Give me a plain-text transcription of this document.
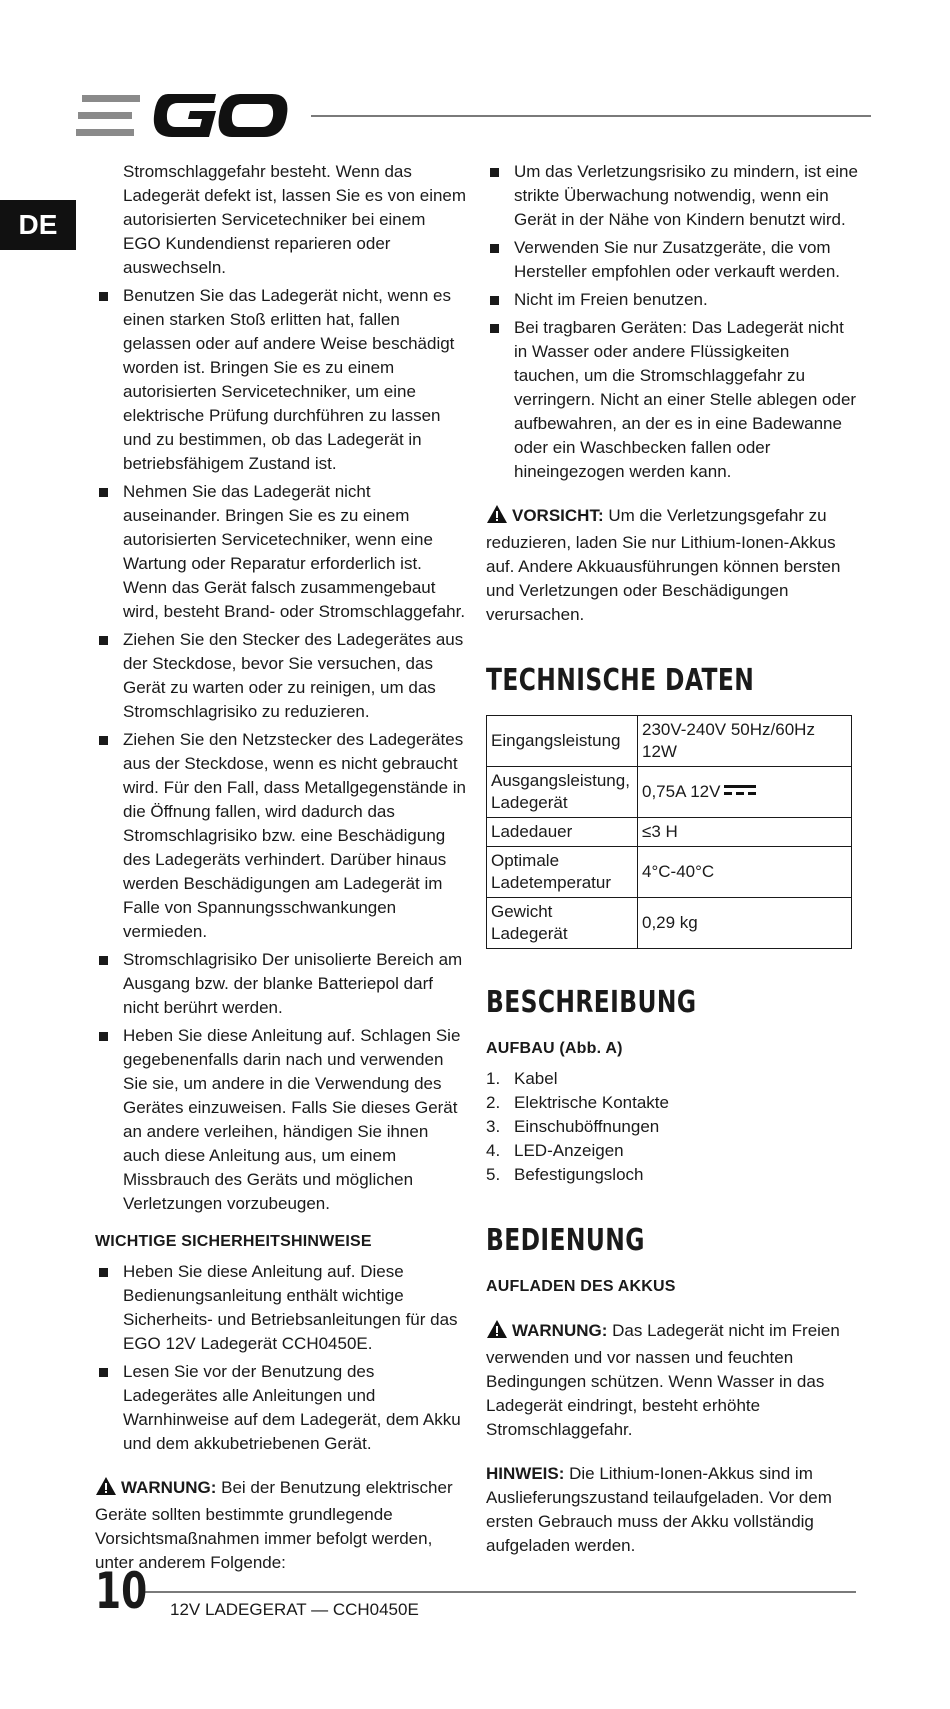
DE

Stromschlaggefahr besteht. Wenn das Ladegerät defekt ist, lassen Sie es von einem autorisierten Servicetechniker bei einem EGO Kundendienst reparieren oder auswechseln.

Benutzen Sie das Ladegerät nicht, wenn es einen starken Stoß erlitten hat, fallen gelassen oder auf andere Weise beschädigt worden ist. Bringen Sie es zu einem autorisierten Servicetechniker, um eine elektrische Prüfung durchführen zu lassen und zu bestimmen, ob das Ladegerät in betriebsfähigem Zustand ist.
Nehmen Sie das Ladegerät nicht auseinander. Bringen Sie es zu einem autorisierten Servicetechniker, wenn eine Wartung oder Reparatur erforderlich ist. Wenn das Gerät falsch zusammengebaut wird, besteht Brand- oder Stromschlaggefahr.
Ziehen Sie den Stecker des Ladegerätes aus der Steckdose, bevor Sie versuchen, das Gerät zu warten oder zu reinigen, um das Stromschlagrisiko zu reduzieren.
Ziehen Sie den Netzstecker des Ladegerätes aus der Steckdose, wenn es nicht gebraucht wird. Für den Fall, dass Metallgegenstände in die Öffnung fallen, wird dadurch das Stromschlagrisiko bzw. eine Beschädigung des Ladegeräts verhindert. Darüber hinaus werden Beschädigungen am Ladegerät im Falle von Spannungsschwankungen vermieden.
Stromschlagrisiko Der unisolierte Bereich am Ausgang bzw. der blanke Batteriepol darf nicht berührt werden.
Heben Sie diese Anleitung auf. Schlagen Sie gegebenenfalls darin nach und verwenden Sie sie, um andere in die Verwendung des Gerätes einzuweisen. Falls Sie dieses Gerät an andere verleihen, händigen Sie ihnen auch diese Anleitung aus, um einem Missbrauch des Geräts und möglichen Verletzungen vorzubeugen.
WICHTIGE SICHERHEITSHINWEISE
Heben Sie diese Anleitung auf. Diese Bedienungsanleitung enthält wichtige Sicherheits- und Betriebsanleitungen für das EGO 12V Ladegerät CCH0450E.
Lesen Sie vor der Benutzung des Ladegerätes alle Anleitungen und Warnhinweise auf dem Ladegerät, dem Akku und dem akkubetriebenen Gerät.

WARNUNG: Bei der Benutzung elektrischer Geräte sollten bestimmte grundlegende Vorsichtsmaßnahmen immer befolgt werden, unter anderem Folgende:

Um das Verletzungsrisiko zu mindern, ist eine strikte Überwachung notwendig, wenn ein Gerät in der Nähe von Kindern benutzt wird.
Verwenden Sie nur Zusatzgeräte, die vom Hersteller empfohlen oder verkauft werden.
Nicht im Freien benutzen.
Bei tragbaren Geräten: Das Ladegerät nicht in Wasser oder andere Flüssigkeiten tauchen, um die Stromschlaggefahr zu verringern. Nicht an einer Stelle ablegen oder aufbewahren, an der es in eine Badewanne oder ein Waschbecken fallen oder hineingezogen werden kann.

VORSICHT: Um die Verletzungsgefahr zu reduzieren, laden Sie nur Lithium-Ionen-Akkus auf. Andere Akkuausführungen können bersten und Verletzungen oder Beschädigungen verursachen.

TECHNISCHE DATEN
Eingangsleistung	230V-240V 50Hz/60Hz 12W
Ausgangsleistung, Ladegerät	0,75A 12V
Ladedauer	≤3 H
Optimale Ladetemperatur	4°C-40°C
Gewicht Ladegerät	0,29 kg
BESCHREIBUNG
AUFBAU (Abb. A)
1. Kabel
2. Elektrische Kontakte
3. Einschuböffnungen
4. LED-Anzeigen
5. Befestigungsloch
BEDIENUNG
AUFLADEN DES AKKUS

WARNUNG: Das Ladegerät nicht im Freien verwenden und vor nassen und feuchten Bedingungen schützen. Wenn Wasser in das Ladegerät eindringt, besteht erhöhte Stromschlaggefahr.

HINWEIS: Die Lithium-Ionen-Akkus sind im Auslieferungszustand teilaufgeladen. Vor dem ersten Gebrauch muss der Akku vollständig aufgeladen werden.

10 12V LADEGERAT — CCH0450E
